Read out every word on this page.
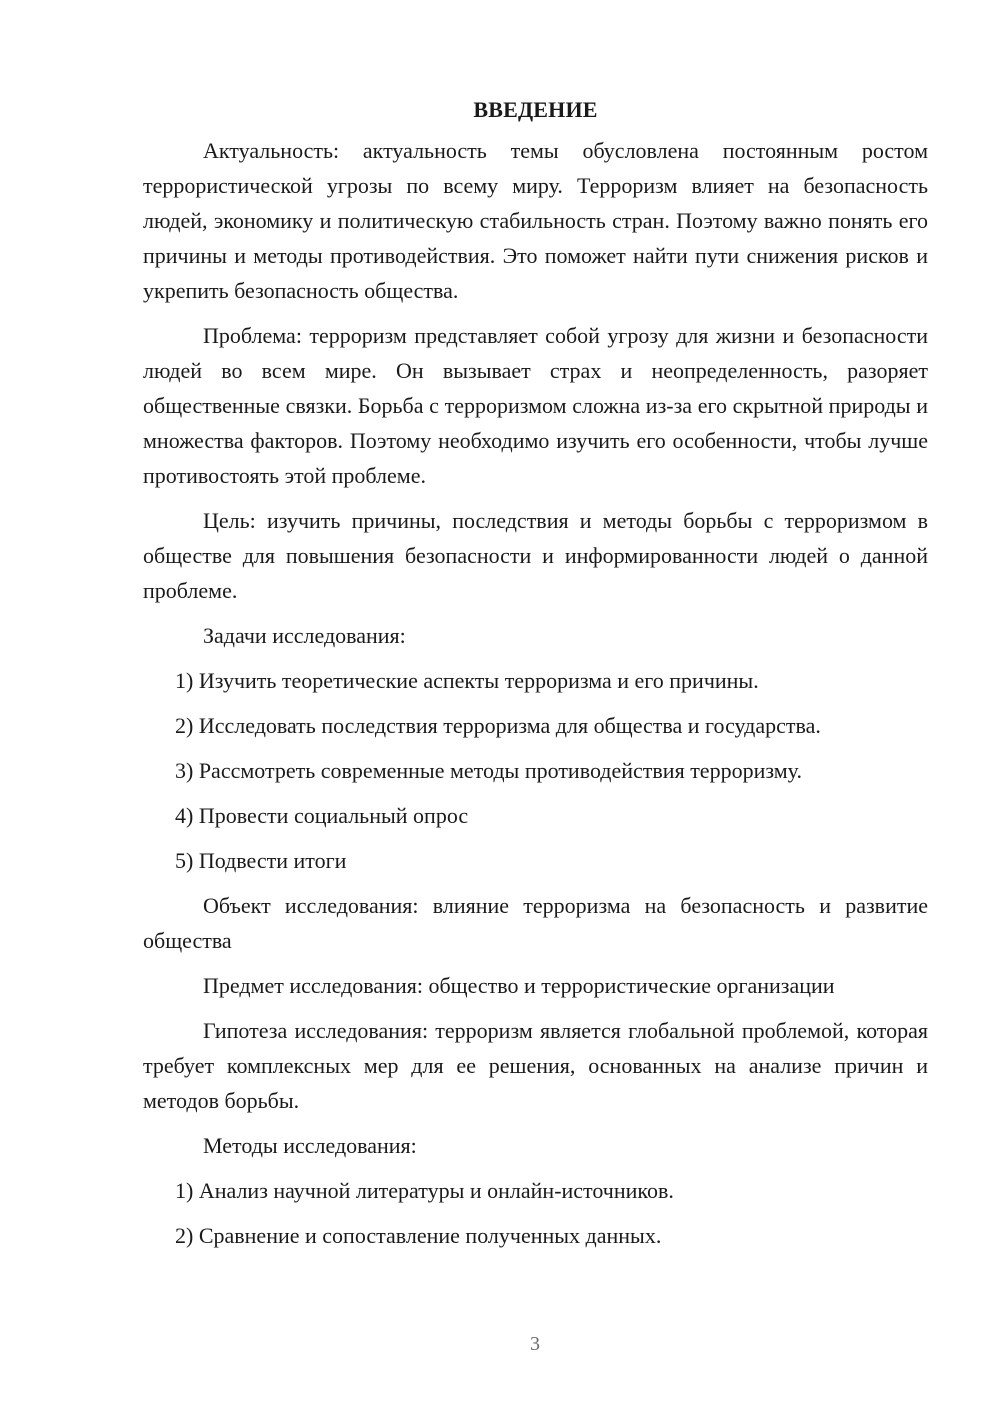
ВВЕДЕНИЕ

Актуальность: актуальность темы обусловлена постоянным ростом террористической угрозы по всему миру. Терроризм влияет на безопасность людей, экономику и политическую стабильность стран. Поэтому важно понять его причины и методы противодействия. Это поможет найти пути снижения рисков и укрепить безопасность общества.

Проблема: терроризм представляет собой угрозу для жизни и безопасности людей во всем мире. Он вызывает страх и неопределенность, разоряет общественные связки. Борьба с терроризмом сложна из-за его скрытной природы и множества факторов. Поэтому необходимо изучить его особенности, чтобы лучше противостоять этой проблеме.

Цель: изучить причины, последствия и методы борьбы с терроризмом в обществе для повышения безопасности и информированности людей о данной проблеме.

Задачи исследования:

1) Изучить теоретические аспекты терроризма и его причины.
2) Исследовать последствия терроризма для общества и государства.
3) Рассмотреть современные методы противодействия терроризму.
4) Провести социальный опрос
5) Подвести итоги

Объект исследования: влияние терроризма на безопасность и развитие общества

Предмет исследования: общество и террористические организации

Гипотеза исследования: терроризм является глобальной проблемой, которая требует комплексных мер для ее решения, основанных на анализе причин и методов борьбы.

Методы исследования:

1) Анализ научной литературы и онлайн-источников.
2) Сравнение и сопоставление полученных данных.
3
